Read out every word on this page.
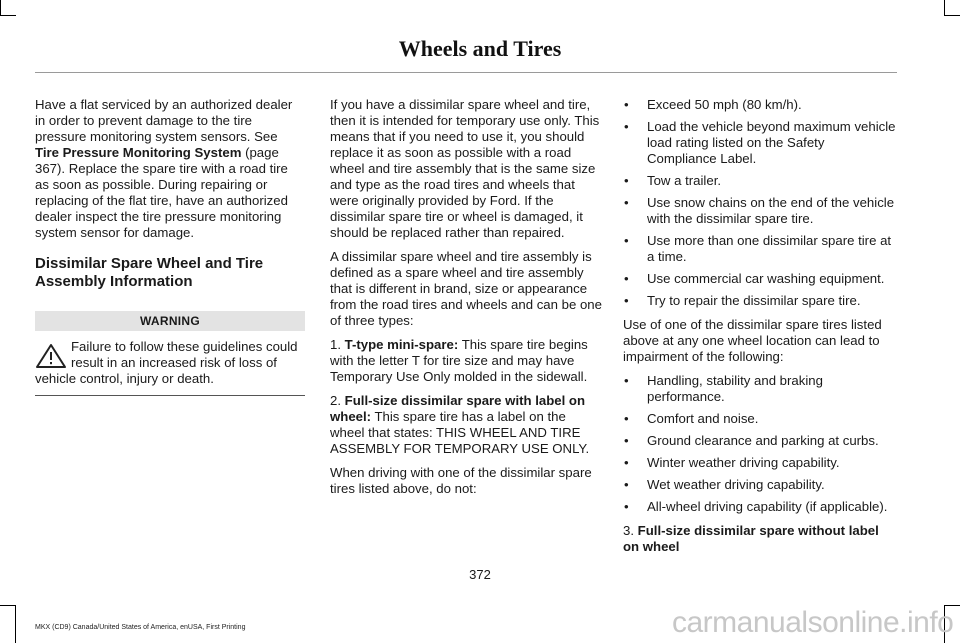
Wheels and Tires

Have a flat serviced by an authorized dealer in order to prevent damage to the tire pressure monitoring system sensors. See Tire Pressure Monitoring System (page 367). Replace the spare tire with a road tire as soon as possible. During repairing or replacing of the flat tire, have an authorized dealer inspect the tire pressure monitoring system sensor for damage.

Dissimilar Spare Wheel and Tire Assembly Information
WARNING
Failure to follow these guidelines could result in an increased risk of loss of vehicle control, injury or death.

If you have a dissimilar spare wheel and tire, then it is intended for temporary use only. This means that if you need to use it, you should replace it as soon as possible with a road wheel and tire assembly that is the same size and type as the road tires and wheels that were originally provided by Ford. If the dissimilar spare tire or wheel is damaged, it should be replaced rather than repaired.

A dissimilar spare wheel and tire assembly is defined as a spare wheel and tire assembly that is different in brand, size or appearance from the road tires and wheels and can be one of three types:

1. T-type mini-spare: This spare tire begins with the letter T for tire size and may have Temporary Use Only molded in the sidewall.

2. Full-size dissimilar spare with label on wheel: This spare tire has a label on the wheel that states: THIS WHEEL AND TIRE ASSEMBLY FOR TEMPORARY USE ONLY.

When driving with one of the dissimilar spare tires listed above, do not:

• Exceed 50 mph (80 km/h).
• Load the vehicle beyond maximum vehicle load rating listed on the Safety Compliance Label.
• Tow a trailer.
• Use snow chains on the end of the vehicle with the dissimilar spare tire.
• Use more than one dissimilar spare tire at a time.
• Use commercial car washing equipment.
• Try to repair the dissimilar spare tire.

Use of one of the dissimilar spare tires listed above at any one wheel location can lead to impairment of the following:

• Handling, stability and braking performance.
• Comfort and noise.
• Ground clearance and parking at curbs.
• Winter weather driving capability.
• Wet weather driving capability.
• All-wheel driving capability (if applicable).

3. Full-size dissimilar spare without label on wheel

372
MKX (CD9) Canada/United States of America, enUSA, First Printing	carmanualsonline.info
